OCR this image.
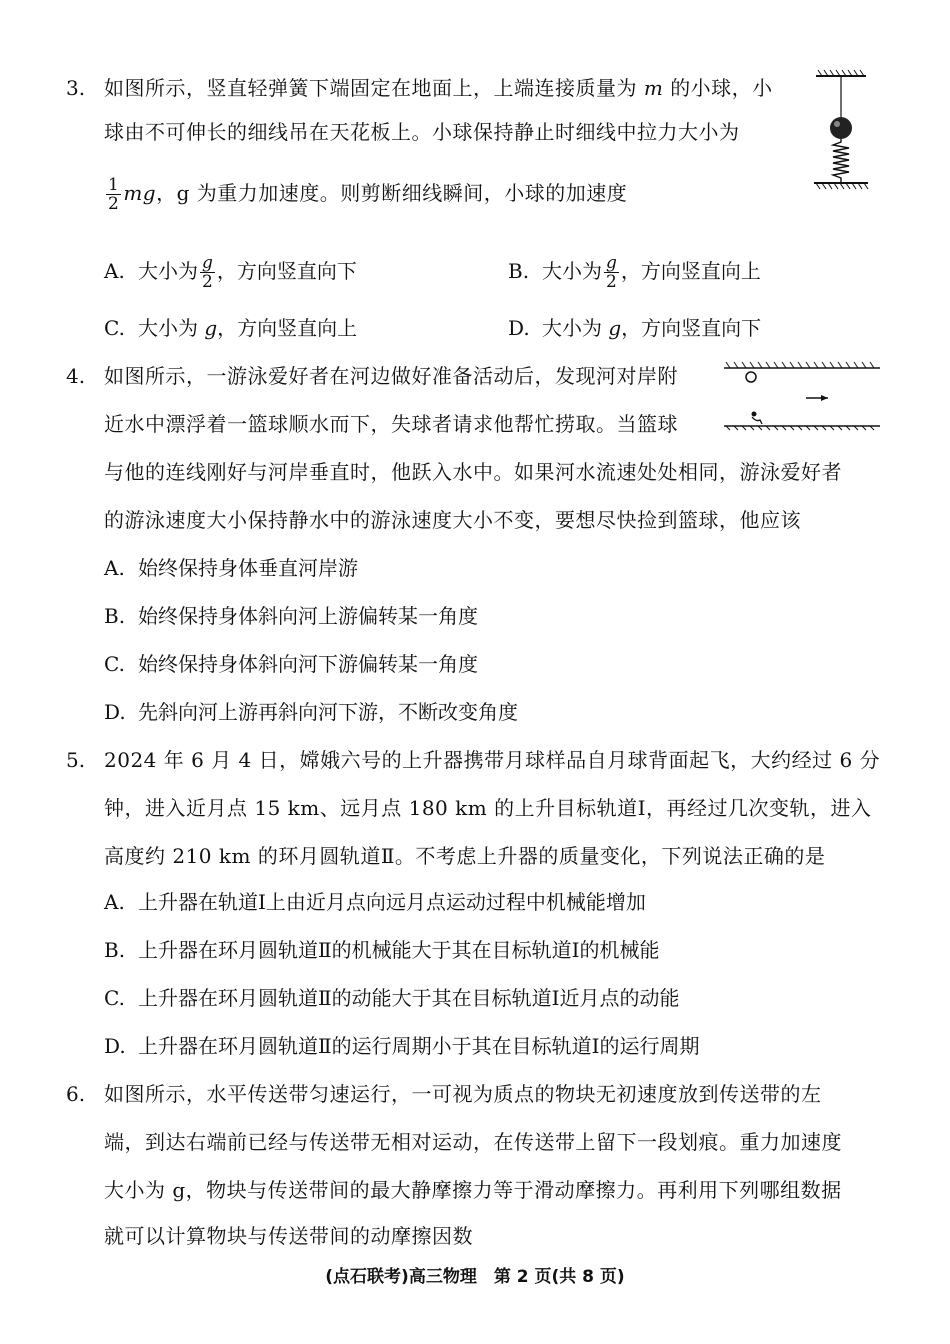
3. 如图所示，竖直轻弹簧下端固定在地面上，上端连接质量为 m 的小球，小
球由不可伸长的细线吊在天花板上。小球保持静止时细线中拉力大小为
$\frac{1}{2}$ mg，g 为重力加速度。则剪断细线瞬间，小球的加速度
A. 大小为 $\frac{g}{2}$ ，方向竖直向下	B. 大小为 $\frac{g}{2}$ ，方向竖直向上
C. 大小为 g，方向竖直向上	D. 大小为 g，方向竖直向下
4. 如图所示，一游泳爱好者在河边做好准备活动后，发现河对岸附
近水中漂浮着一篮球顺水而下，失球者请求他帮忙捞取。当篮球
与他的连线刚好与河岸垂直时，他跃入水中。如果河水流速处处相同，游泳爱好者
的游泳速度大小保持静水中的游泳速度大小不变，要想尽快捡到篮球，他应该
A. 始终保持身体垂直河岸游
B. 始终保持身体斜向河上游偏转某一角度
C. 始终保持身体斜向河下游偏转某一角度
D. 先斜向河上游再斜向河下游，不断改变角度
5. 2024 年 6 月 4 日，嫦娥六号的上升器携带月球样品自月球背面起飞，大约经过 6 分
钟，进入近月点 15 km、远月点 180 km 的上升目标轨道Ⅰ，再经过几次变轨，进入
高度约 210 km 的环月圆轨道Ⅱ。不考虑上升器的质量变化，下列说法正确的是
A. 上升器在轨道Ⅰ上由近月点向远月点运动过程中机械能增加
B. 上升器在环月圆轨道Ⅱ的机械能大于其在目标轨道Ⅰ的机械能
C. 上升器在环月圆轨道Ⅱ的动能大于其在目标轨道Ⅰ近月点的动能
D. 上升器在环月圆轨道Ⅱ的运行周期小于其在目标轨道Ⅰ的运行周期
6. 如图所示，水平传送带匀速运行，一可视为质点的物块无初速度放到传送带的左
端，到达右端前已经与传送带无相对运动，在传送带上留下一段划痕。重力加速度
大小为 g，物块与传送带间的最大静摩擦力等于滑动摩擦力。再利用下列哪组数据
就可以计算物块与传送带间的动摩擦因数
(点石联考)高三物理　第 2 页(共 8 页)
